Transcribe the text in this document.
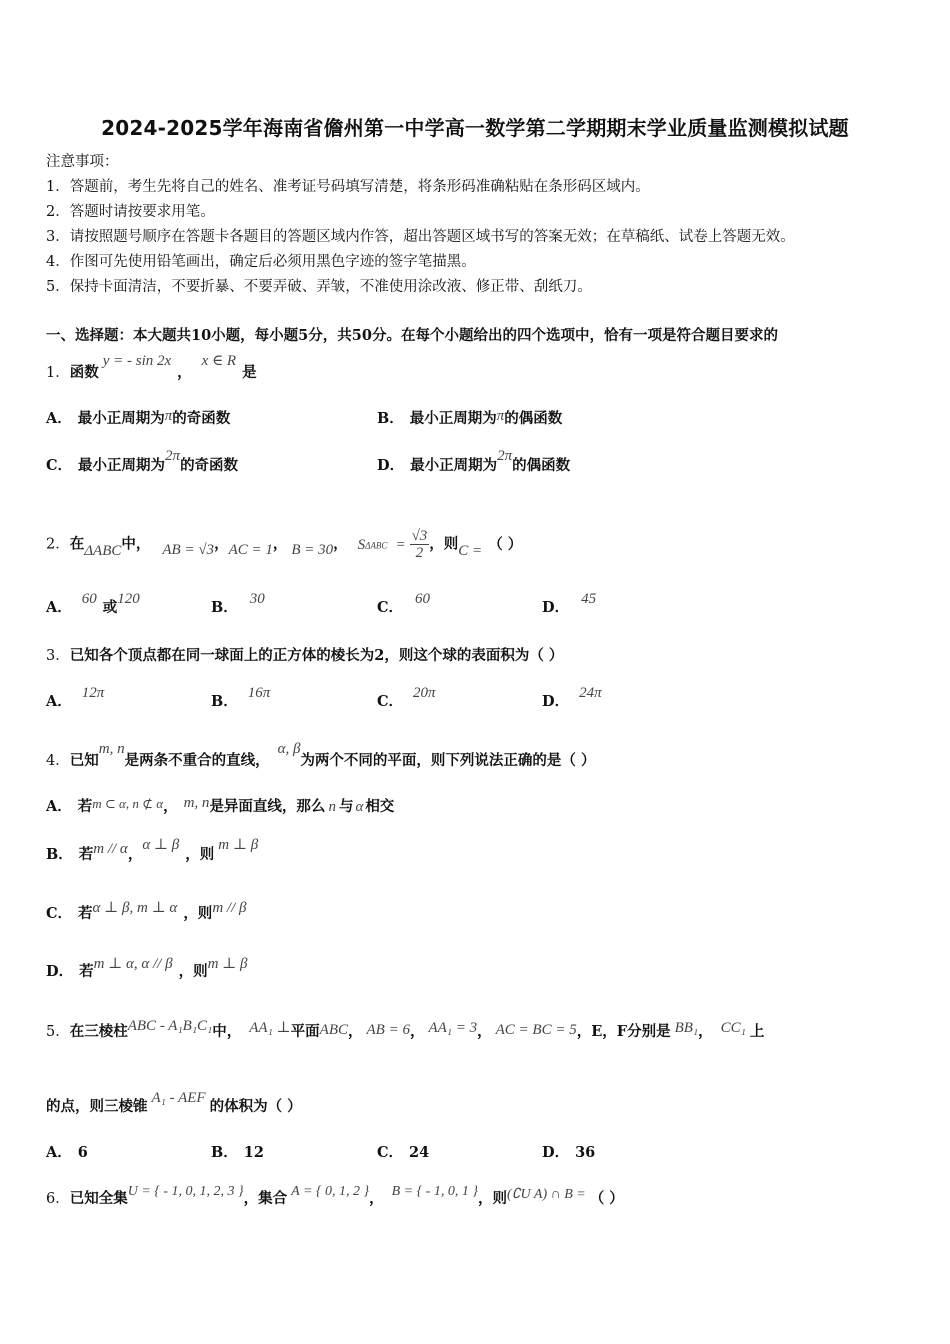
2024-2025学年海南省儋州第一中学高一数学第二学期期末学业质量监测模拟试题
注意事项：
1．答题前，考生先将自己的姓名、准考证号码填写清楚，将条形码准确粘贴在条形码区域内。
2．答题时请按要求用笔。
3．请按照题号顺序在答题卡各题目的答题区域内作答，超出答题区域书写的答案无效；在草稿纸、试卷上答题无效。
4．作图可先使用铅笔画出，确定后必须用黑色字迹的签字笔描黑。
5．保持卡面清洁，不要折暴、不要弄破、弄皱，不准使用涂改液、修正带、刮纸刀。
一、选择题：本大题共10小题，每小题5分，共50分。在每个小题给出的四个选项中，恰有一项是符合题目要求的
1．函数y = - sin 2x，x ∈ R是
A． 最小正周期为π的奇函数	B． 最小正周期为π的偶函数
C． 最小正周期为2π的奇函数	D． 最小正周期为2π的偶函数
2．在ΔABC中， AB = √3，AC = 1， B = 30， $S\Delta ABC = \frac{√3}{2}$ ，则C = （ ）
A． 60 或120	B． 30	C． 60	D． 45
3．已知各个顶点都在同一球面上的正方体的棱长为2，则这个球的表面积为（ ）
A． 12π	B． 16π	C． 20π	D． 24π
4．已知m, n是两条不重合的直线，α, β为两个不同的平面，则下列说法正确的是（ ）
A． 若m ⊂ α, n ⊄ α， m, n是异面直线，那么 n 与 α 相交
B． 若m // α，α ⊥ β，则m ⊥ β
C． 若α ⊥ β, m ⊥ α ，则m // β
D． 若m ⊥ α, α // β ，则m ⊥ β
5．在三棱柱ABC - A₁B₁C₁中， AA₁ ⊥平面ABC， AB = 6， AA₁ = 3， AC = BC = 5，E，F分别是 BB₁， CC₁ 上
的点，则三棱锥 A₁ - AEF 的体积为（ ）
A． 6	B． 12	C． 24	D． 36
6．已知全集U = { - 1, 0, 1, 2, 3 }，集合 A = { 0, 1, 2 }， B = { - 1, 0, 1 }，则(∁U A) ∩ B = （ ）
